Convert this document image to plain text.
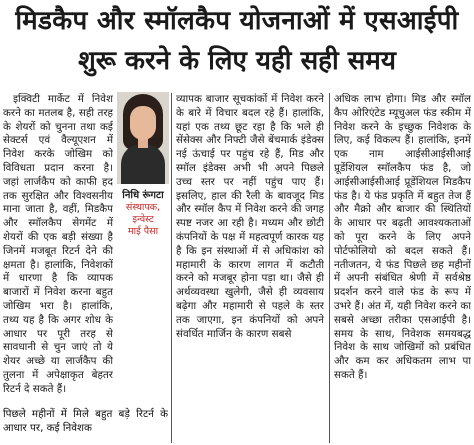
मिडकैप और स्मॉलकैप योजनाओं में एसआईपी
शुरू करने के लिए यही सही समय

इक्विटी मार्केट में निवेश करने का मतलब है, सही तरह के शेयरों को चुनना तथा कई सेक्टर्स एवं वैल्यूएशन में निवेश करके जोखिम को विविधता प्रदान करना है। जहां लार्जकैप को काफी हद तक सुरक्षित और विश्वसनीय माना जाता है, वहीं, मिडकैप और स्मॉलकैप सेगमेंट में शेयरों की एक बड़ी संख्या है जिनमें मजबूत रिटर्न देने की क्षमता है। हालांकि, निवेशकों में धारणा है कि व्यापक बाजारों में निवेश करना बहुत जोखिम भरा है। हालांकि, तथ्य यह है कि अगर शोध के आधार पर पूरी तरह से सावधानी से चुन जाएं तो ये शेयर अच्छे या लार्जकैप की तुलना में अपेक्षाकृत बेहतर रिटर्न दे सकते हैं।

निधि रूंगटा
संस्थापक, इन्वेस्ट
माई पैसा

पिछले महीनों में मिले बहुत बड़े रिटर्न के आधार पर, कई निवेशक

व्यापक बाजार सूचकांकों में निवेश करने के बारे में विचार बदल रहे हैं। हालांकि, यहां एक तथ्य छूट रहा है कि भले ही सेंसेक्स और निफ्टी जैसे बेंचमार्क इंडेक्स नई ऊंचाई पर पहुंच रहे हैं, मिड और स्मॉल इंडेक्स अभी भी अपने पिछले उच्च स्तर पर नहीं पहुंच पाए हैं। इसलिए, हाल की रैली के बावजूद मिड और स्मॉल कैप में निवेश करने की जगह स्पष्ट नजर आ रही है। मध्यम और छोटी कंपनियों के पक्ष में महत्वपूर्ण कारक यह है कि इन संस्थाओं में से अधिकांश को महामारी के कारण लागत में कटौती करने को मजबूर होना पड़ा था। जैसे ही अर्थव्यवस्था खुलेगी, जैसे ही व्यवसाय बढ़ेगा और महामारी से पहले के स्तर तक जाएगा, इन कंपनियों को अपने संवर्धित मार्जिन के कारण सबसे

अधिक लाभ होगा। मिड और स्मॉल कैप ओरिएंटेड म्यूचुअल फंड स्कीम में निवेश करने के इच्छुक निवेशक के लिए, कई विकल्प हैं। हालांकि, इनमें एक नाम आईसीआईसीआई प्रूडेंशियल स्मॉलकैप फंड है, जो आईसीआईसीआई प्रूडेंशियल मिडकैप फंड है। ये फंड प्रकृति में बहुत तेज हैं और मैक्रो और बाजार की स्थितियों के आधार पर बढ़ती आवश्यकताओं को पूरा करने के लिए अपने पोर्टफोलियो को बदल सकते हैं। नतीजतन, ये फंड पिछले छह महीनों में अपनी संबंधित श्रेणी में सर्वश्रेष्ठ प्रदर्शन करने वाले फंड के रूप में उभरे हैं। अंत में, यही निवेश करने का सबसे अच्छा तरीका एसआईपी है। समय के साथ, निवेशक समयबद्ध निवेश के साथ जोखिमों को प्रबंधित और कम कर अधिकतम लाभ पा सकते हैं।
